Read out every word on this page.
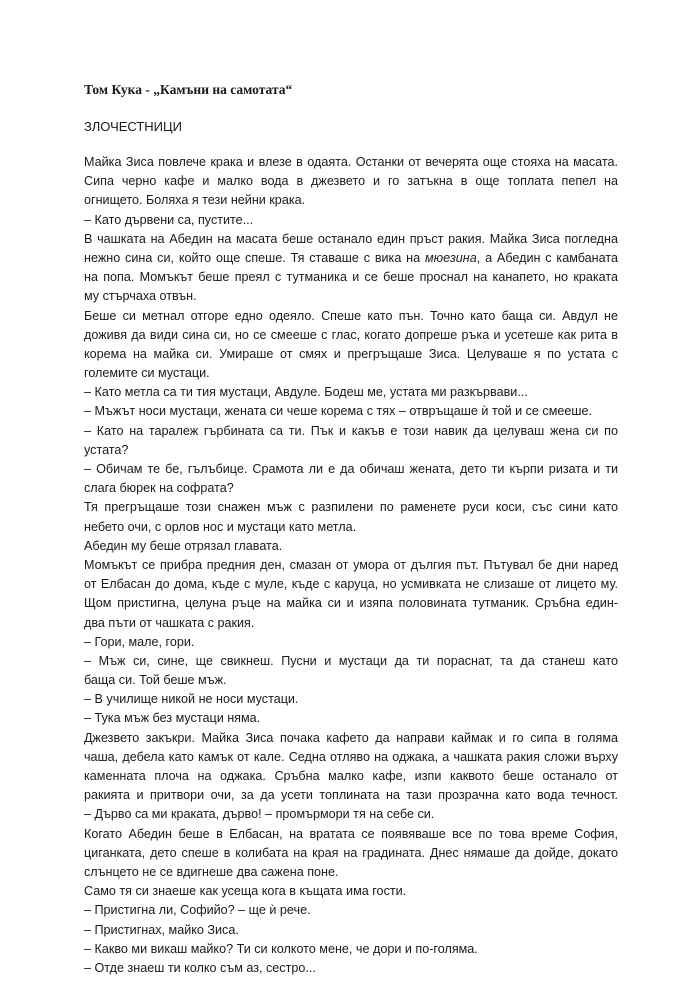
Том Кука - „Камъни на самотата“
ЗЛОЧЕСТНИЦИ
Майка Зиса повлече крака и влезе в одаята. Останки от вечерята още стояха на масата.
Сипа черно кафе и малко вода в джезвето и го затъкна в още топлата пепел на
огнището. Боляха я тези нейни крака.
– Като дървени са, пустите...
В чашката на Абедин на масата беше останало един пръст ракия. Майка Зиса погледна
нежно сина си, който още спеше. Тя ставаше с вика на мюезина, а Абедин с камбаната
на попа. Момъкът беше преял с тутманика и се беше проснал на канапето, но краката
му стърчаха отвън.
Беше си метнал отгоре едно одеяло. Спеше като пън. Точно като баща си. Авдул не
доживя да види сина си, но се смееше с глас, когато допреше ръка и усетеше как рита в
корема на майка си. Умираше от смях и прегръщаше Зиса. Целуваше я по устата с
големите си мустаци.
– Като метла са ти тия мустаци, Авдуле. Бодеш ме, устата ми разкървави...
– Мъжът носи мустаци, жената си чеше корема с тях – отвръщаше ѝ той и се смееше.
– Като на таралеж гърбината са ти. Пък и какъв е този навик да целуваш жена си по
устата?
– Обичам те бе, гълъбице. Срамота ли е да обичаш жената, дето ти кърпи ризата и ти
слага бюрек на софрата?
Тя прегръщаше този снажен мъж с разпилени по раменете руси коси, със сини като
небето очи, с орлов нос и мустаци като метла.
Абедин му беше отрязал главата.
Момъкът се прибра предния ден, смазан от умора от дългия път. Пътувал бе дни наред
от Елбасан до дома, къде с муле, къде с каруца, но усмивката не слизаше от лицето му.
Щом пристигна, целуна ръце на майка си и изяпа половината тутманик. Сръбна един-
два пъти от чашката с ракия.
– Гори, мале, гори.
– Мъж си, сине, ще свикнеш. Пусни и мустаци да ти пораснат, та да станеш като
баща си. Той беше мъж.
– В училище никой не носи мустаци.
– Тука мъж без мустаци няма.
Джезвето закъкри. Майка Зиса почака кафето да направи каймак и го сипа в голяма
чаша, дебела като камък от кале. Седна отляво на оджака, а чашката ракия сложи върху
каменната плоча на оджака. Сръбна малко кафе, изпи каквото беше останало от
ракията и притвори очи, за да усети топлината на тази прозрачна като вода течност.
– Дърво са ми краката, дърво! – промърмори тя на себе си.
Когато Абедин беше в Елбасан, на вратата се появяваше все по това време София,
циганката, дето спеше в колибата на края на градината. Днес нямаше да дойде, докато
слънцето не се вдигнеше два сажена поне.
Само тя си знаеше как усеща кога в къщата има гости.
– Пристигна ли, Софийо? – ще ѝ рече.
– Пристигнах, майко Зиса.
– Какво ми викаш майко? Ти си колкото мене, че дори и по-голяма.
– Отде знаеш ти колко съм аз, сестро...
